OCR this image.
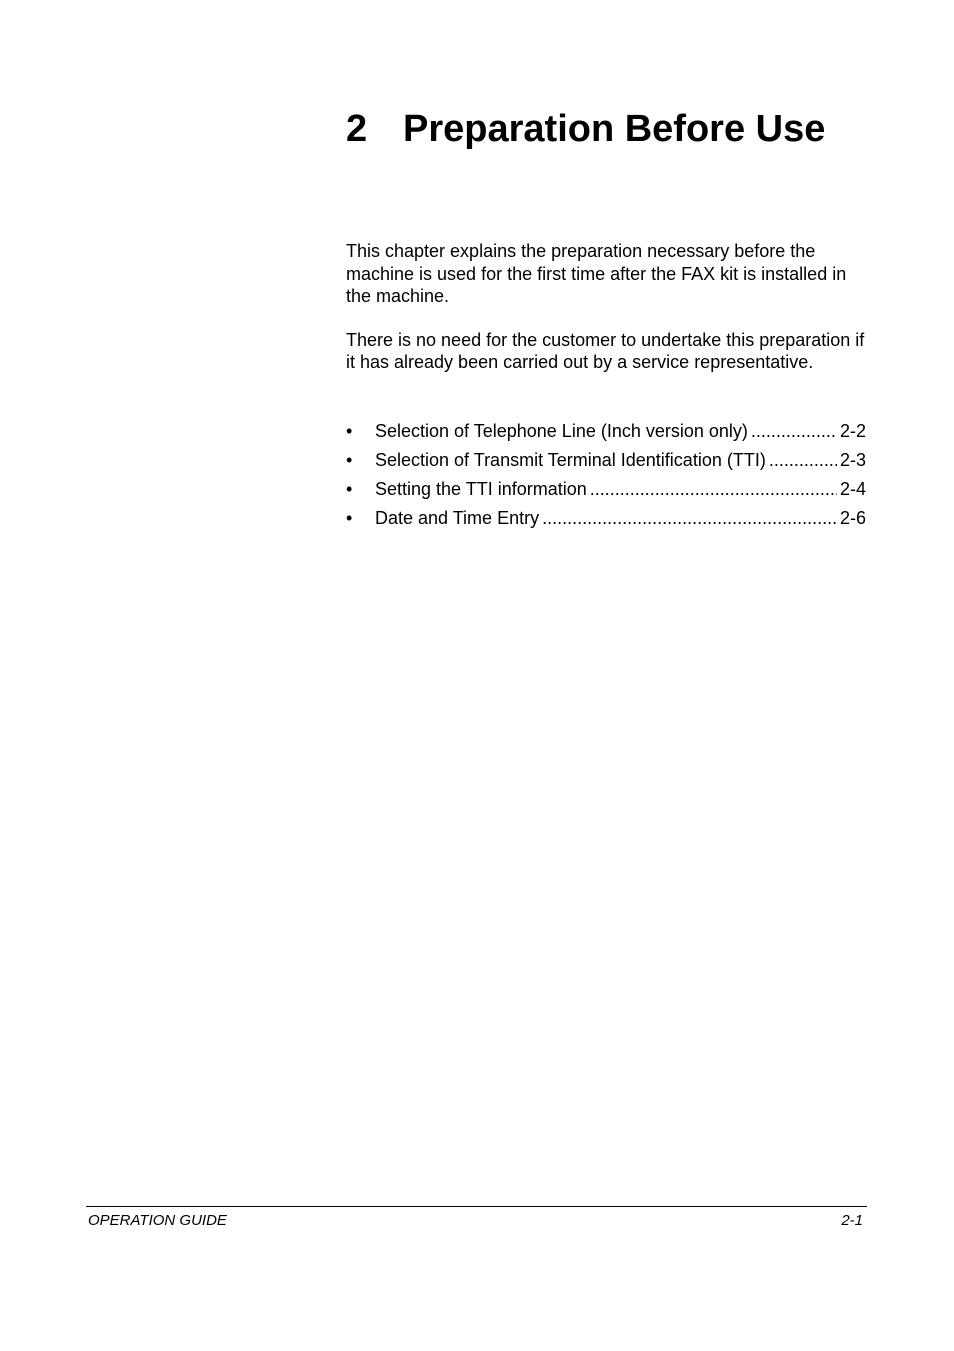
2 Preparation Before Use

This chapter explains the preparation necessary before the machine is used for the first time after the FAX kit is installed in the machine.

There is no need for the customer to undertake this preparation if it has already been carried out by a service representative.

•	Selection of Telephone Line (Inch version only) .....	2-2
•	Selection of Transmit Terminal Identification (TTI) .....	2-3
•	Setting the TTI information .....	2-4
•	Date and Time Entry .....	2-6
OPERATION GUIDE	2-1
